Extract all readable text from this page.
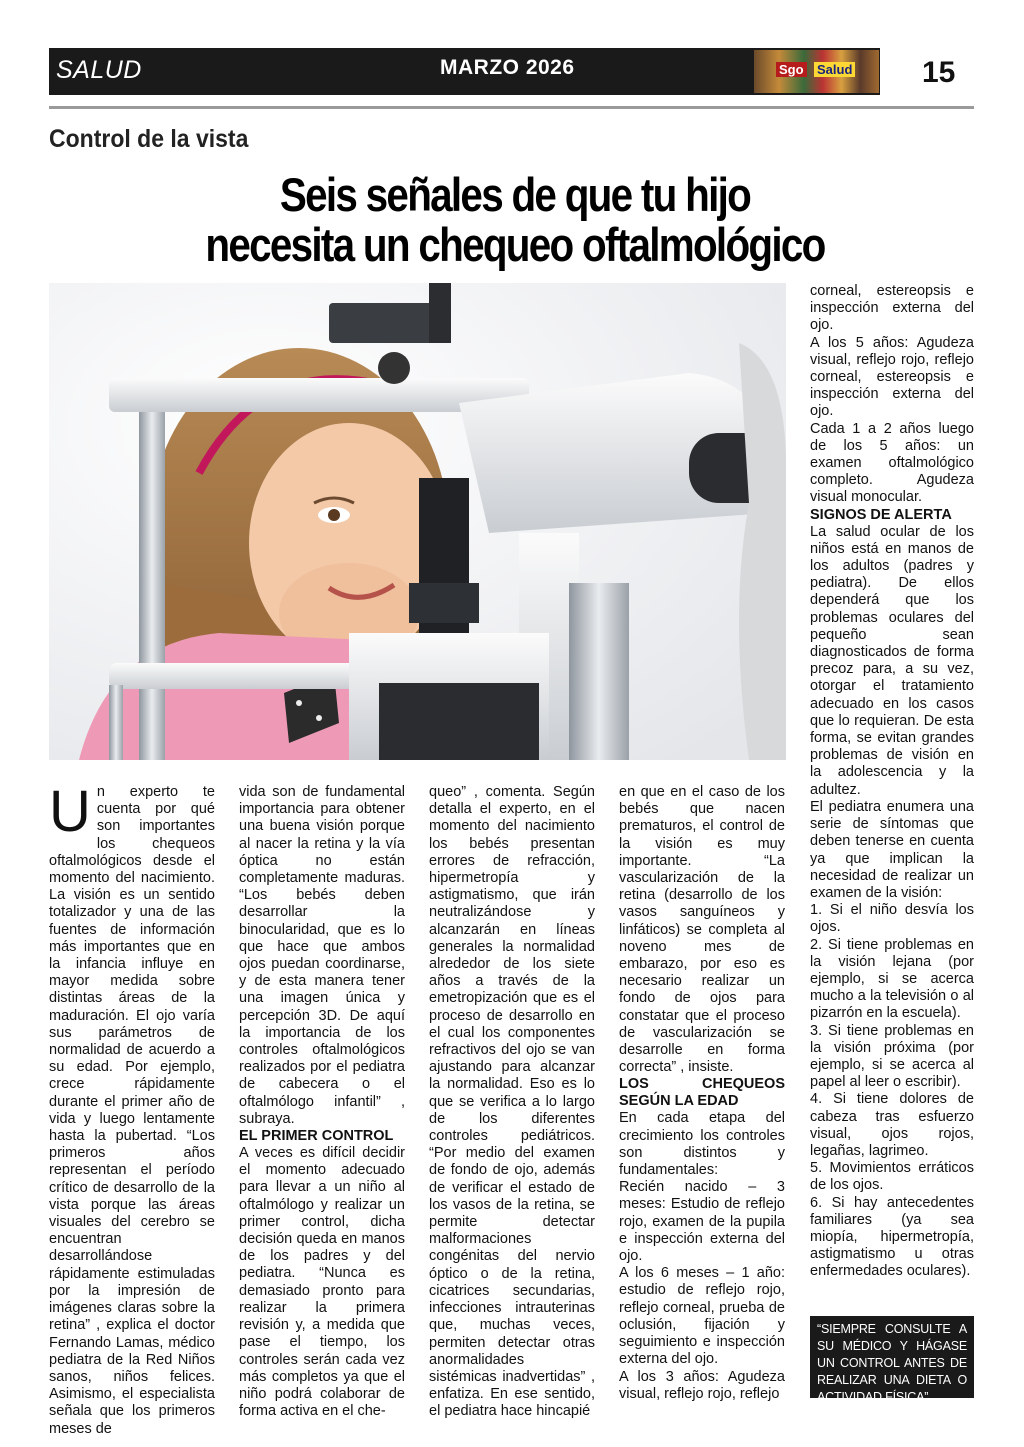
SALUD	MARZO 2026	Sgo Salud 15
Control de la vista
Seis señales de que tu hijo
necesita un chequeo oftalmológico
Un experto te cuenta por qué son importantes los chequeos oftalmológicos desde el momento del nacimiento. La visión es un sentido totalizador y una de las fuentes de información más importantes que en la infancia influye en mayor medida sobre distintas áreas de la maduración. El ojo varía sus parámetros de normalidad de acuerdo a su edad. Por ejemplo, crece rápidamente durante el primer año de vida y luego lentamente hasta la pubertad. “Los primeros años representan el período crítico de desarrollo de la vista porque las áreas visuales del cerebro se encuentran desarrollándose rápidamente estimuladas por la impresión de imágenes claras sobre la retina” , explica el doctor Fernando Lamas, médico pediatra de la Red Niños sanos, niños felices. Asimismo, el especialista señala que los primeros meses de

vida son de fundamental importancia para obtener una buena visión porque al nacer la retina y la vía óptica no están completamente maduras. “Los bebés deben desarrollar la binocularidad, que es lo que hace que ambos ojos puedan coordinarse, y de esta manera tener una imagen única y percepción 3D. De aquí la importancia de los controles oftalmológicos realizados por el pediatra de cabecera o el oftalmólogo infantil” , subraya.

EL PRIMER CONTROL

A veces es difícil decidir el momento adecuado para llevar a un niño al oftalmólogo y realizar un primer control, dicha decisión queda en manos de los padres y del pediatra. “Nunca es demasiado pronto para realizar la primera revisión y, a medida que pase el tiempo, los controles serán cada vez más completos ya que el niño podrá colaborar de forma activa en el che-

queo” , comenta. Según detalla el experto, en el momento del nacimiento los bebés presentan errores de refracción, hipermetropía y astigmatismo, que irán neutralizándose y alcanzarán en líneas generales la normalidad alrededor de los siete años a través de la emetropización que es el proceso de desarrollo en el cual los componentes refractivos del ojo se van ajustando para alcanzar la normalidad. Eso es lo que se verifica a lo largo de los diferentes controles pediátricos. “Por medio del examen de fondo de ojo, además de verificar el estado de los vasos de la retina, se permite detectar malformaciones congénitas del nervio óptico o de la retina, cicatrices secundarias, infecciones intrauterinas que, muchas veces, permiten detectar otras anormalidades sistémicas inadvertidas” , enfatiza. En ese sentido, el pediatra hace hincapié

en que en el caso de los bebés que nacen prematuros, el control de la visión es muy importante. “La vascularización de la retina (desarrollo de los vasos sanguíneos y linfáticos) se completa al noveno mes de embarazo, por eso es necesario realizar un fondo de ojos para constatar que el proceso de vascularización se desarrolle en forma correcta” , insiste.

LOS CHEQUEOS SEGÚN LA EDAD

En cada etapa del crecimiento los controles son distintos y fundamentales:

Recién nacido – 3 meses: Estudio de reflejo rojo, examen de la pupila e inspección externa del ojo.

A los 6 meses – 1 año: estudio de reflejo rojo, reflejo corneal, prueba de oclusión, fijación y seguimiento e inspección externa del ojo.

A los 3 años: Agudeza visual, reflejo rojo, reflejo

corneal, estereopsis e inspección externa del ojo.

A los 5 años: Agudeza visual, reflejo rojo, reflejo corneal, estereopsis e inspección externa del ojo.

Cada 1 a 2 años luego de los 5 años: un examen oftalmológico completo. Agudeza visual monocular.

SIGNOS DE ALERTA

La salud ocular de los niños está en manos de los adultos (padres y pediatra). De ellos dependerá que los problemas oculares del pequeño sean diagnosticados de forma precoz para, a su vez, otorgar el tratamiento adecuado en los casos que lo requieran. De esta forma, se evitan grandes problemas de visión en la adolescencia y la adultez.

El pediatra enumera una serie de síntomas que deben tenerse en cuenta ya que implican la necesidad de realizar un examen de la visión:

1. Si el niño desvía los ojos.
2. Si tiene problemas en la visión lejana (por ejemplo, si se acerca mucho a la televisión o al pizarrón en la escuela).
3. Si tiene problemas en la visión próxima (por ejemplo, si se acerca al papel al leer o escribir).
4. Si tiene dolores de cabeza tras esfuerzo visual, ojos rojos, legañas, lagrimeo.
5. Movimientos erráticos de los ojos.
6. Si hay antecedentes familiares (ya sea miopía, hipermetropía, astigmatismo u otras enfermedades oculares).
“SIEMPRE CONSULTE A SU MÉDICO Y HÁGASE UN CONTROL ANTES DE REALIZAR UNA DIETA O ACTIVIDAD FÍSICA”
